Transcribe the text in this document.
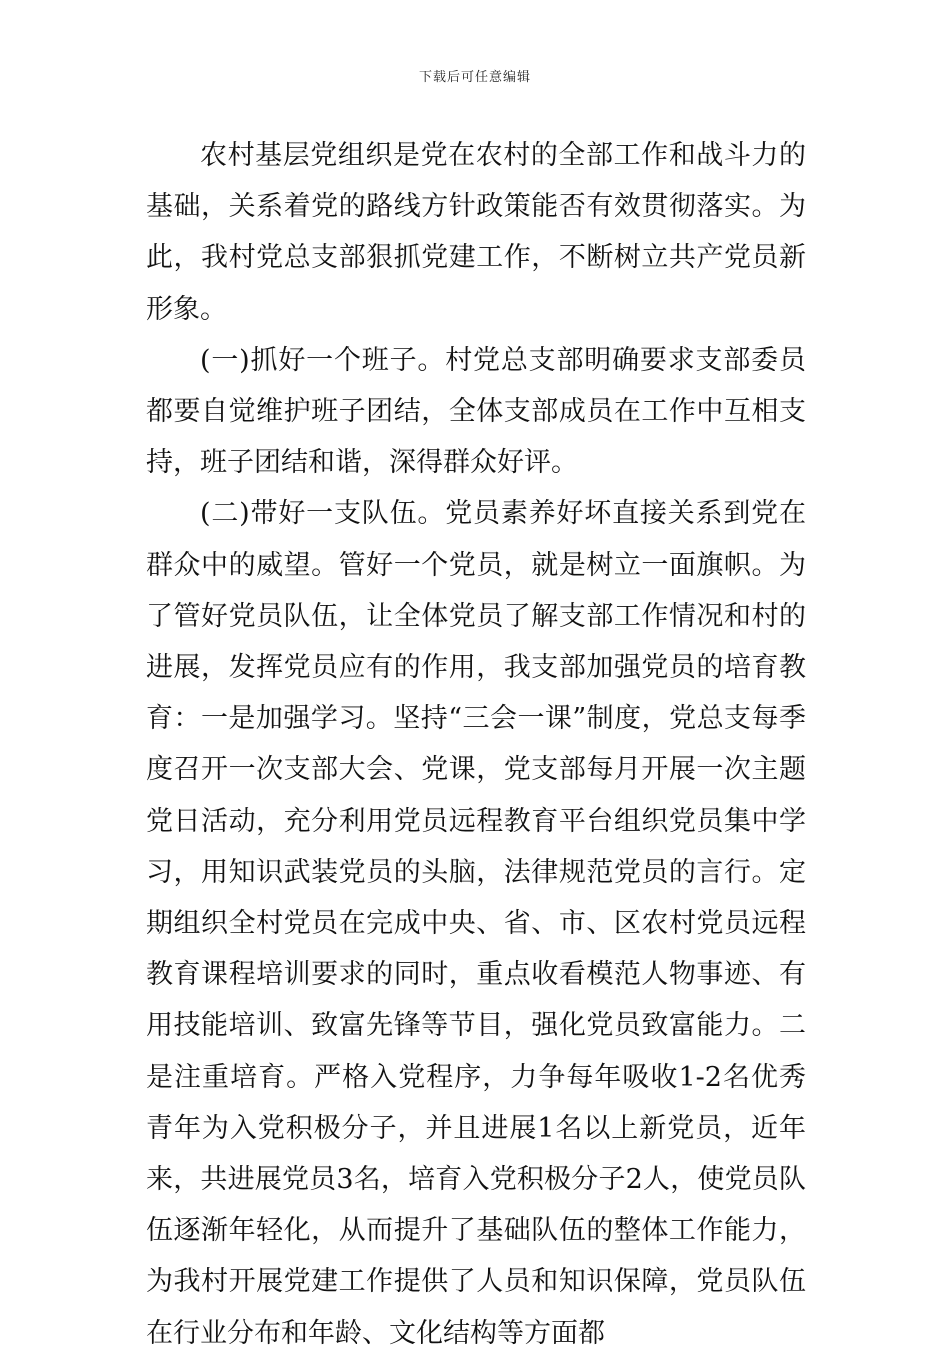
下载后可任意编辑

农村基层党组织是党在农村的全部工作和战斗力的基础，关系着党的路线方针政策能否有效贯彻落实。为此，我村党总支部狠抓党建工作，不断树立共产党员新形象。

(一)抓好一个班子。村党总支部明确要求支部委员都要自觉维护班子团结，全体支部成员在工作中互相支持，班子团结和谐，深得群众好评。

(二)带好一支队伍。党员素养好坏直接关系到党在群众中的威望。管好一个党员，就是树立一面旗帜。为了管好党员队伍，让全体党员了解支部工作情况和村的进展，发挥党员应有的作用，我支部加强党员的培育教育：一是加强学习。坚持“三会一课”制度，党总支每季度召开一次支部大会、党课，党支部每月开展一次主题党日活动，充分利用党员远程教育平台组织党员集中学习，用知识武装党员的头脑，法律规范党员的言行。定期组织全村党员在完成中央、省、市、区农村党员远程教育课程培训要求的同时，重点收看模范人物事迹、有用技能培训、致富先锋等节目，强化党员致富能力。二是注重培育。严格入党程序，力争每年吸收1-2名优秀青年为入党积极分子，并且进展1名以上新党员，近年来，共进展党员3名，培育入党积极分子2人，使党员队伍逐渐年轻化，从而提升了基础队伍的整体工作能力，为我村开展党建工作提供了人员和知识保障，党员队伍在行业分布和年龄、文化结构等方面都
